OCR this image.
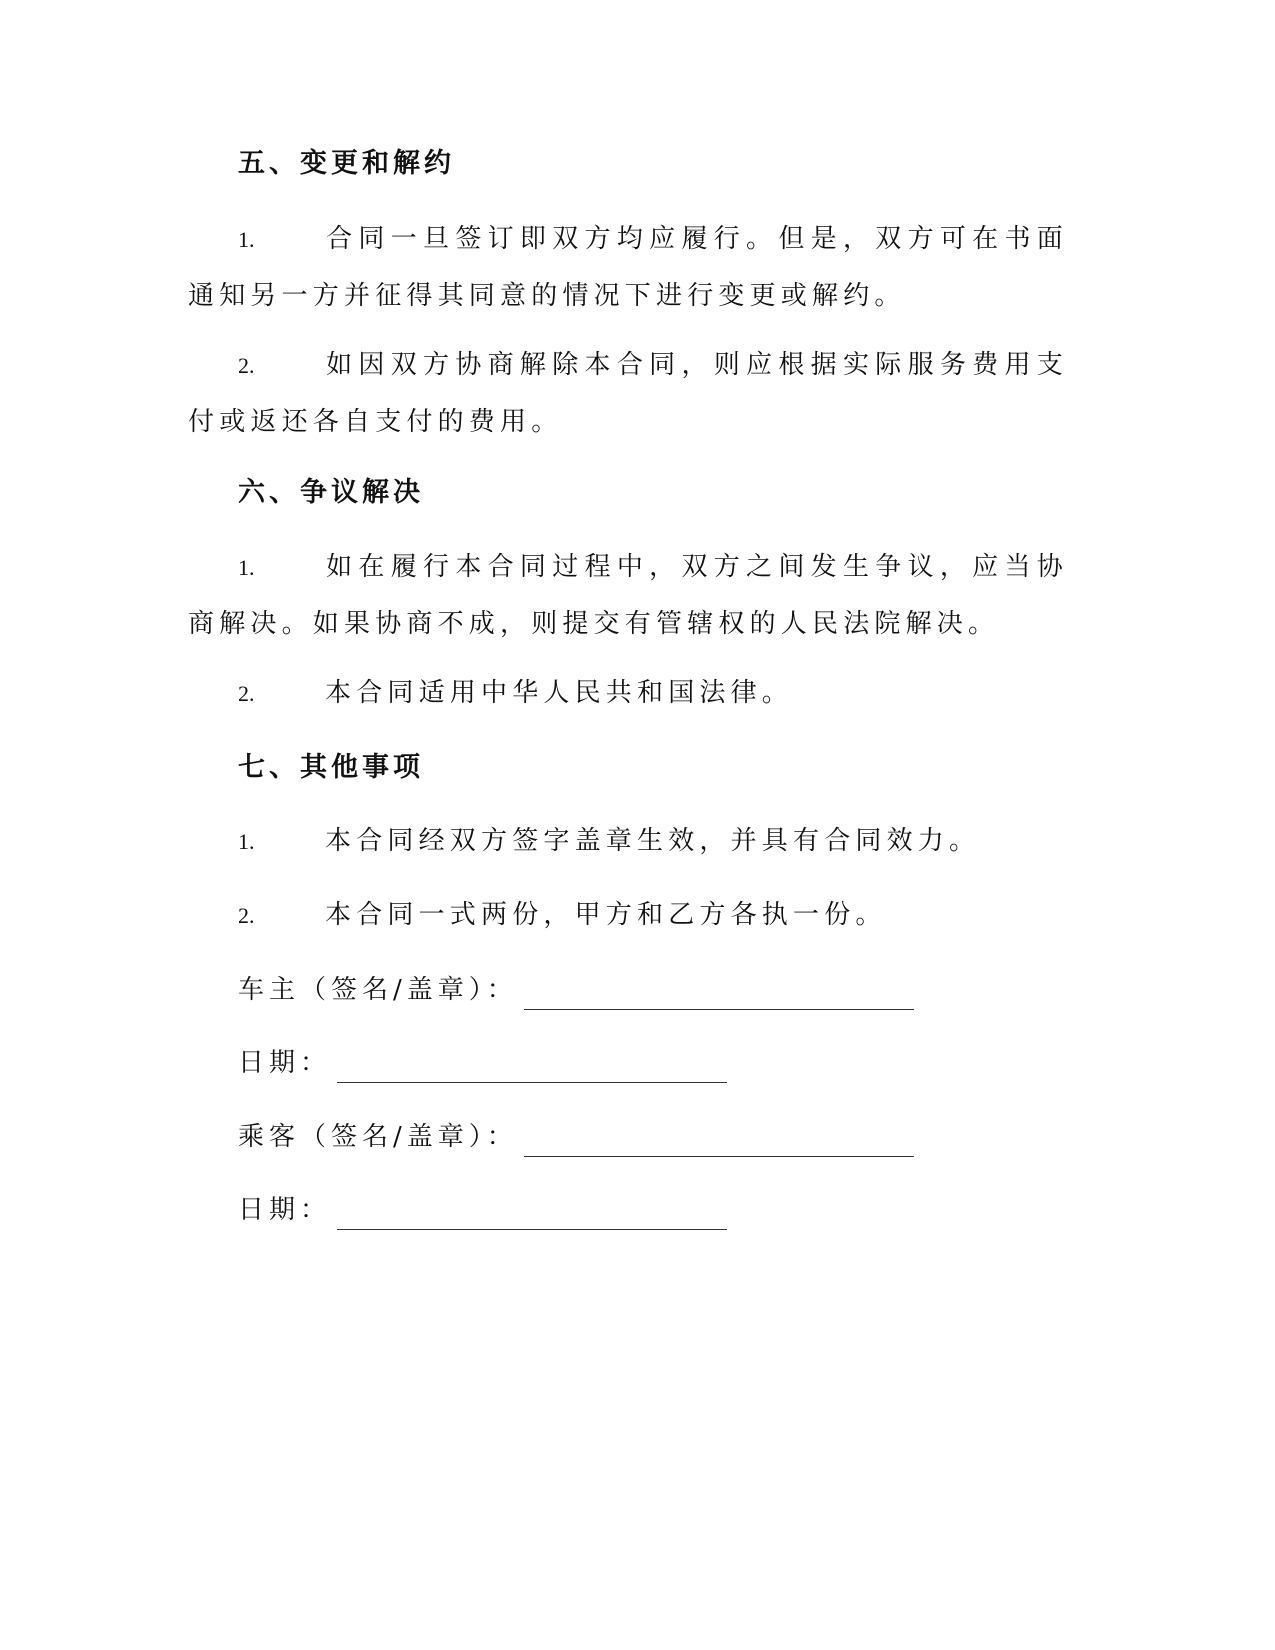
五、变更和解约
1.	合同一旦签订即双方均应履行。但是，双方可在书面通知另一方并征得其同意的情况下进行变更或解约。
2.	如因双方协商解除本合同，则应根据实际服务费用支付或返还各自支付的费用。
六、争议解决
1.	如在履行本合同过程中，双方之间发生争议，应当协商解决。如果协商不成，则提交有管辖权的人民法院解决。
2.	本合同适用中华人民共和国法律。
七、其他事项
1.	本合同经双方签字盖章生效，并具有合同效力。
2.	本合同一式两份，甲方和乙方各执一份。
车主（签名/盖章）：
日期：
乘客（签名/盖章）：
日期：
